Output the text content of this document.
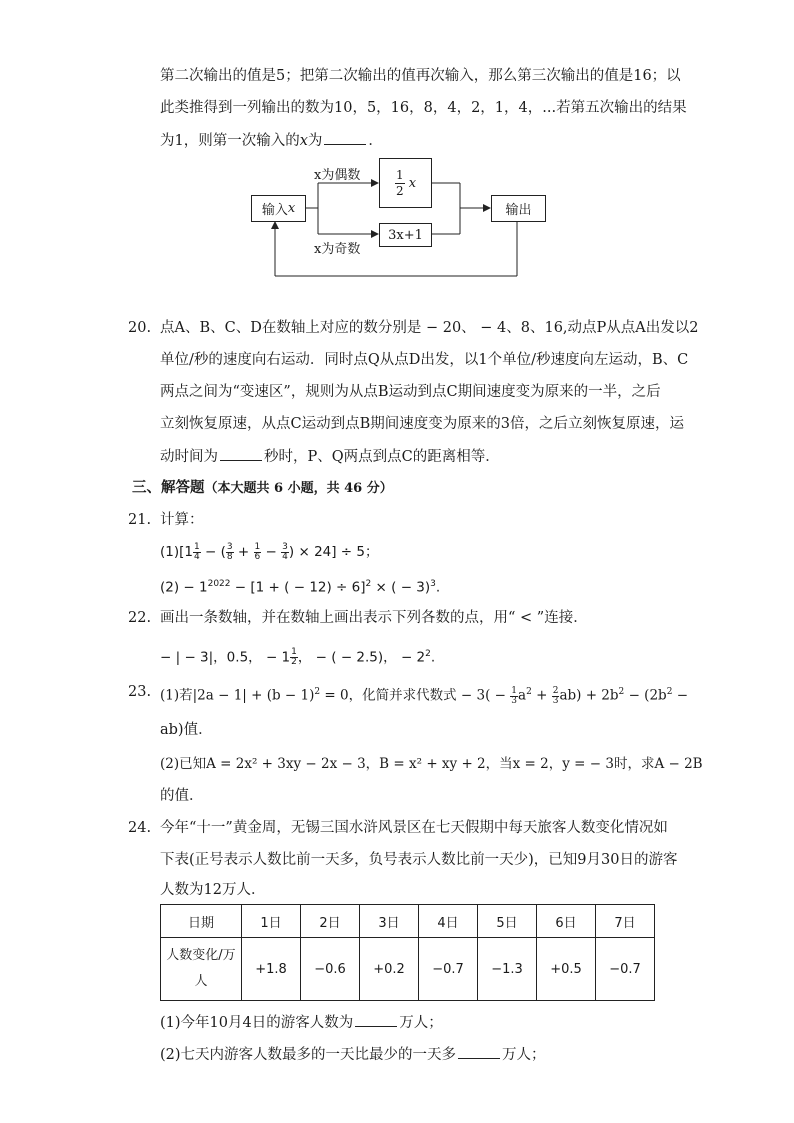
第二次输出的值是5；把第二次输出的值再次输入，那么第三次输出的值是16；以
此类推得到一列输出的数为10，5，16，8，4，2，1，4，...若第五次输出的结果
为1，则第一次输入的x为	．
输入 x
x为偶数
x为奇数
$\frac{1}{2}$
x
3x+1
输出
20. 点A、B、C、D在数轴上对应的数分别是 − 20、 − 4、8、16,动点P从点A出发以2
单位/秒的速度向右运动．同时点Q从点D出发，以1个单位/秒速度向左运动，B、C
两点之间为“变速区”，规则为从点B运动到点C期间速度变为原来的一半，之后
立刻恢复原速，从点C运动到点B期间速度变为原来的3倍，之后立刻恢复原速，运
动时间为	秒时，P、Q两点到点C的距离相等．
三、解答题（本大题共 6 小题，共 46 分）
21. 计算：
$(1)[1 \frac{1}{4}$ − ( $\frac{3}{8} + \frac{1}{6} - \frac{3}{4}$ ) × 24] ÷ 5；
$(2) - 1^{2022} - [1$ + ( − 12) ÷ 6]$^2$ × ( − 3)$^3$.
22. 画出一条数轴，并在数轴上画出表示下列各数的点，用“ < ”连接．
− | − 3|，0.5， − $1 \frac{1}{2}$ ， − ( − 2.5)， − $2^2$.
23. (1)若$|2a - 1| + (b - 1)^2 = 0$，化简并求代数式 − $3( - \frac{1}{3} a^2 + \frac{2}{3} ab) + 2b^2 - (2b^2$ −
ab)值．
(2)已知A = 2x² + 3xy − 2x − 3，B = x² + xy + 2，当x = 2，y = − 3时，求A − 2B
的值．
24. 今年“十一”黄金周，无锡三国水浒风景区在七天假期中每天旅客人数变化情况如
下表(正号表示人数比前一天多，负号表示人数比前一天少)，已知9月30日的游客
人数为12万人．
日期	1日	2日	3日	4日	5日	6日	7日
人数变化/万
人	+1.8	−0.6	+0.2	−0.7	−1.3	+0.5	−0.7
(1)今年10月4日的游客人数为	万人；
(2)七天内游客人数最多的一天比最少的一天多	万人；
